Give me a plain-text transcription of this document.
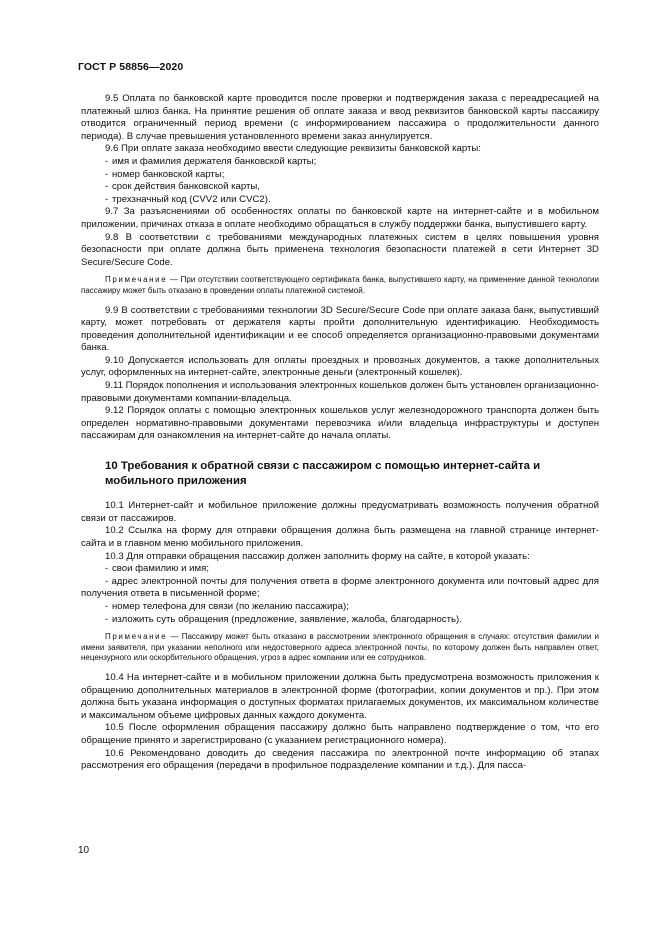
ГОСТ Р 58856—2020

9.5 Оплата по банковской карте проводится после проверки и подтверждения заказа с переадресацией на платежный шлюз банка. На принятие решения об оплате заказа и ввод реквизитов банковской карты пассажиру отводится ограниченный период времени (с информированием пассажира о продолжительности данного периода). В случае превышения установленного времени заказ аннулируется.

9.6 При оплате заказа необходимо ввести следующие реквизиты банковской карты:

- имя и фамилия держателя банковской карты;

- номер банковской карты;

- срок действия банковской карты,

- трехзначный код (CVV2 или CVC2).

9.7 За разъяснениями об особенностях оплаты по банковской карте на интернет-сайте и в мобильном приложении, причинах отказа в оплате необходимо обращаться в службу поддержки банка, выпустившего карту.

9.8 В соответствии с требованиями международных платежных систем в целях повышения уровня безопасности при оплате должна быть применена технология безопасности платежей в сети Интернет 3D Secure/Secure Code.

Примечание — При отсутствии соответствующего сертификата банка, выпустившего карту, на применение данной технологии пассажиру может быть отказано в проведении оплаты платежной системой.

9.9 В соответствии с требованиями технологии 3D Secure/Secure Code при оплате заказа банк, выпустивший карту, может потребовать от держателя карты пройти дополнительную идентификацию. Необходимость проведения дополнительной идентификации и ее способ определяется организационно-правовыми документами банка.

9.10 Допускается использовать для оплаты проездных и провозных документов, а также дополнительных услуг, оформленных на интернет-сайте, электронные деньги (электронный кошелек).

9.11 Порядок пополнения и использования электронных кошельков должен быть установлен организационно-правовыми документами компании-владельца.

9.12 Порядок оплаты с помощью электронных кошельков услуг железнодорожного транспорта должен быть определен нормативно-правовыми документами перевозчика и/или владельца инфраструктуры и доступен пассажирам для ознакомления на интернет-сайте до начала оплаты.

10 Требования к обратной связи с пассажиром с помощью интернет-сайта и мобильного приложения

10.1 Интернет-сайт и мобильное приложение должны предусматривать возможность получения обратной связи от пассажиров.

10.2 Ссылка на форму для отправки обращения должна быть размещена на главной странице интернет-сайта и в главном меню мобильного приложения.

10.3 Для отправки обращения пассажир должен заполнить форму на сайте, в которой указать:

- свои фамилию и имя;

- адрес электронной почты для получения ответа в форме электронного документа или почтовый адрес для получения ответа в письменной форме;

- номер телефона для связи (по желанию пассажира);

- изложить суть обращения (предложение, заявление, жалоба, благодарность).

Примечание — Пассажиру может быть отказано в рассмотрении электронного обращения в случаях: отсутствия фамилии и имени заявителя, при указании неполного или недостоверного адреса электронной почты, по которому должен быть направлен ответ, нецензурного или оскорбительного обращения, угроз в адрес компании или ее сотрудников.

10.4 На интернет-сайте и в мобильном приложении должна быть предусмотрена возможность приложения к обращению дополнительных материалов в электронной форме (фотографии, копии документов и пр.). При этом должна быть указана информация о доступных форматах прилагаемых документов, их максимальном количестве и максимальном объеме цифровых данных каждого документа.

10.5 После оформления обращения пассажиру должно быть направлено подтверждение о том, что его обращение принято и зарегистрировано (с указанием регистрационного номера).

10.6 Рекомендовано доводить до сведения пассажира по электронной почте информацию об этапах рассмотрения его обращения (передачи в профильное подразделение компании и т.д.). Для пасса-

10
